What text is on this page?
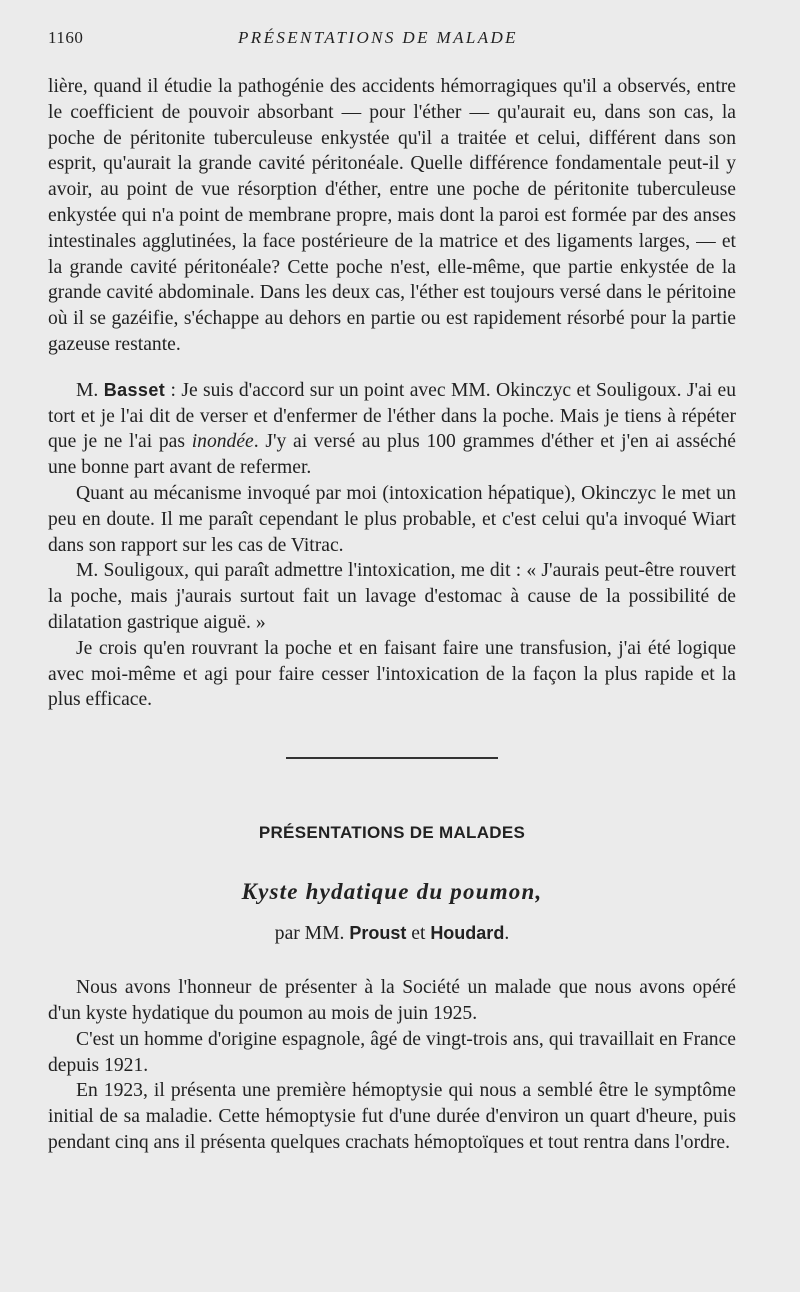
1160	PRÉSENTATIONS DE MALADE

lière, quand il étudie la pathogénie des accidents hémorragiques qu'il a observés, entre le coefficient de pouvoir absorbant — pour l'éther — qu'aurait eu, dans son cas, la poche de péritonite tuberculeuse enkystée qu'il a traitée et celui, différent dans son esprit, qu'aurait la grande cavité péritonéale. Quelle différence fondamentale peut-il y avoir, au point de vue résorption d'éther, entre une poche de péritonite tuberculeuse enkystée qui n'a point de membrane propre, mais dont la paroi est formée par des anses intestinales agglutinées, la face postérieure de la matrice et des ligaments larges, — et la grande cavité péritonéale? Cette poche n'est, elle-même, que partie enkystée de la grande cavité abdominale. Dans les deux cas, l'éther est toujours versé dans le péritoine où il se gazéifie, s'échappe au dehors en partie ou est rapidement résorbé pour la partie gazeuse restante.

M. Basset : Je suis d'accord sur un point avec MM. Okinczyc et Souligoux. J'ai eu tort et je l'ai dit de verser et d'enfermer de l'éther dans la poche. Mais je tiens à répéter que je ne l'ai pas inondée. J'y ai versé au plus 100 grammes d'éther et j'en ai asséché une bonne part avant de refermer.

Quant au mécanisme invoqué par moi (intoxication hépatique), Okinczyc le met un peu en doute. Il me paraît cependant le plus probable, et c'est celui qu'a invoqué Wiart dans son rapport sur les cas de Vitrac.

M. Souligoux, qui paraît admettre l'intoxication, me dit : « J'aurais peut-être rouvert la poche, mais j'aurais surtout fait un lavage d'estomac à cause de la possibilité de dilatation gastrique aiguë. »

Je crois qu'en rouvrant la poche et en faisant faire une transfusion, j'ai été logique avec moi-même et agi pour faire cesser l'intoxication de la façon la plus rapide et la plus efficace.

PRÉSENTATIONS DE MALADES
Kyste hydatique du poumon,
par MM. Proust et Houdard.

Nous avons l'honneur de présenter à la Société un malade que nous avons opéré d'un kyste hydatique du poumon au mois de juin 1925.

C'est un homme d'origine espagnole, âgé de vingt-trois ans, qui travaillait en France depuis 1921.

En 1923, il présenta une première hémoptysie qui nous a semblé être le symptôme initial de sa maladie. Cette hémoptysie fut d'une durée d'environ un quart d'heure, puis pendant cinq ans il présenta quelques crachats hémoptoïques et tout rentra dans l'ordre.
